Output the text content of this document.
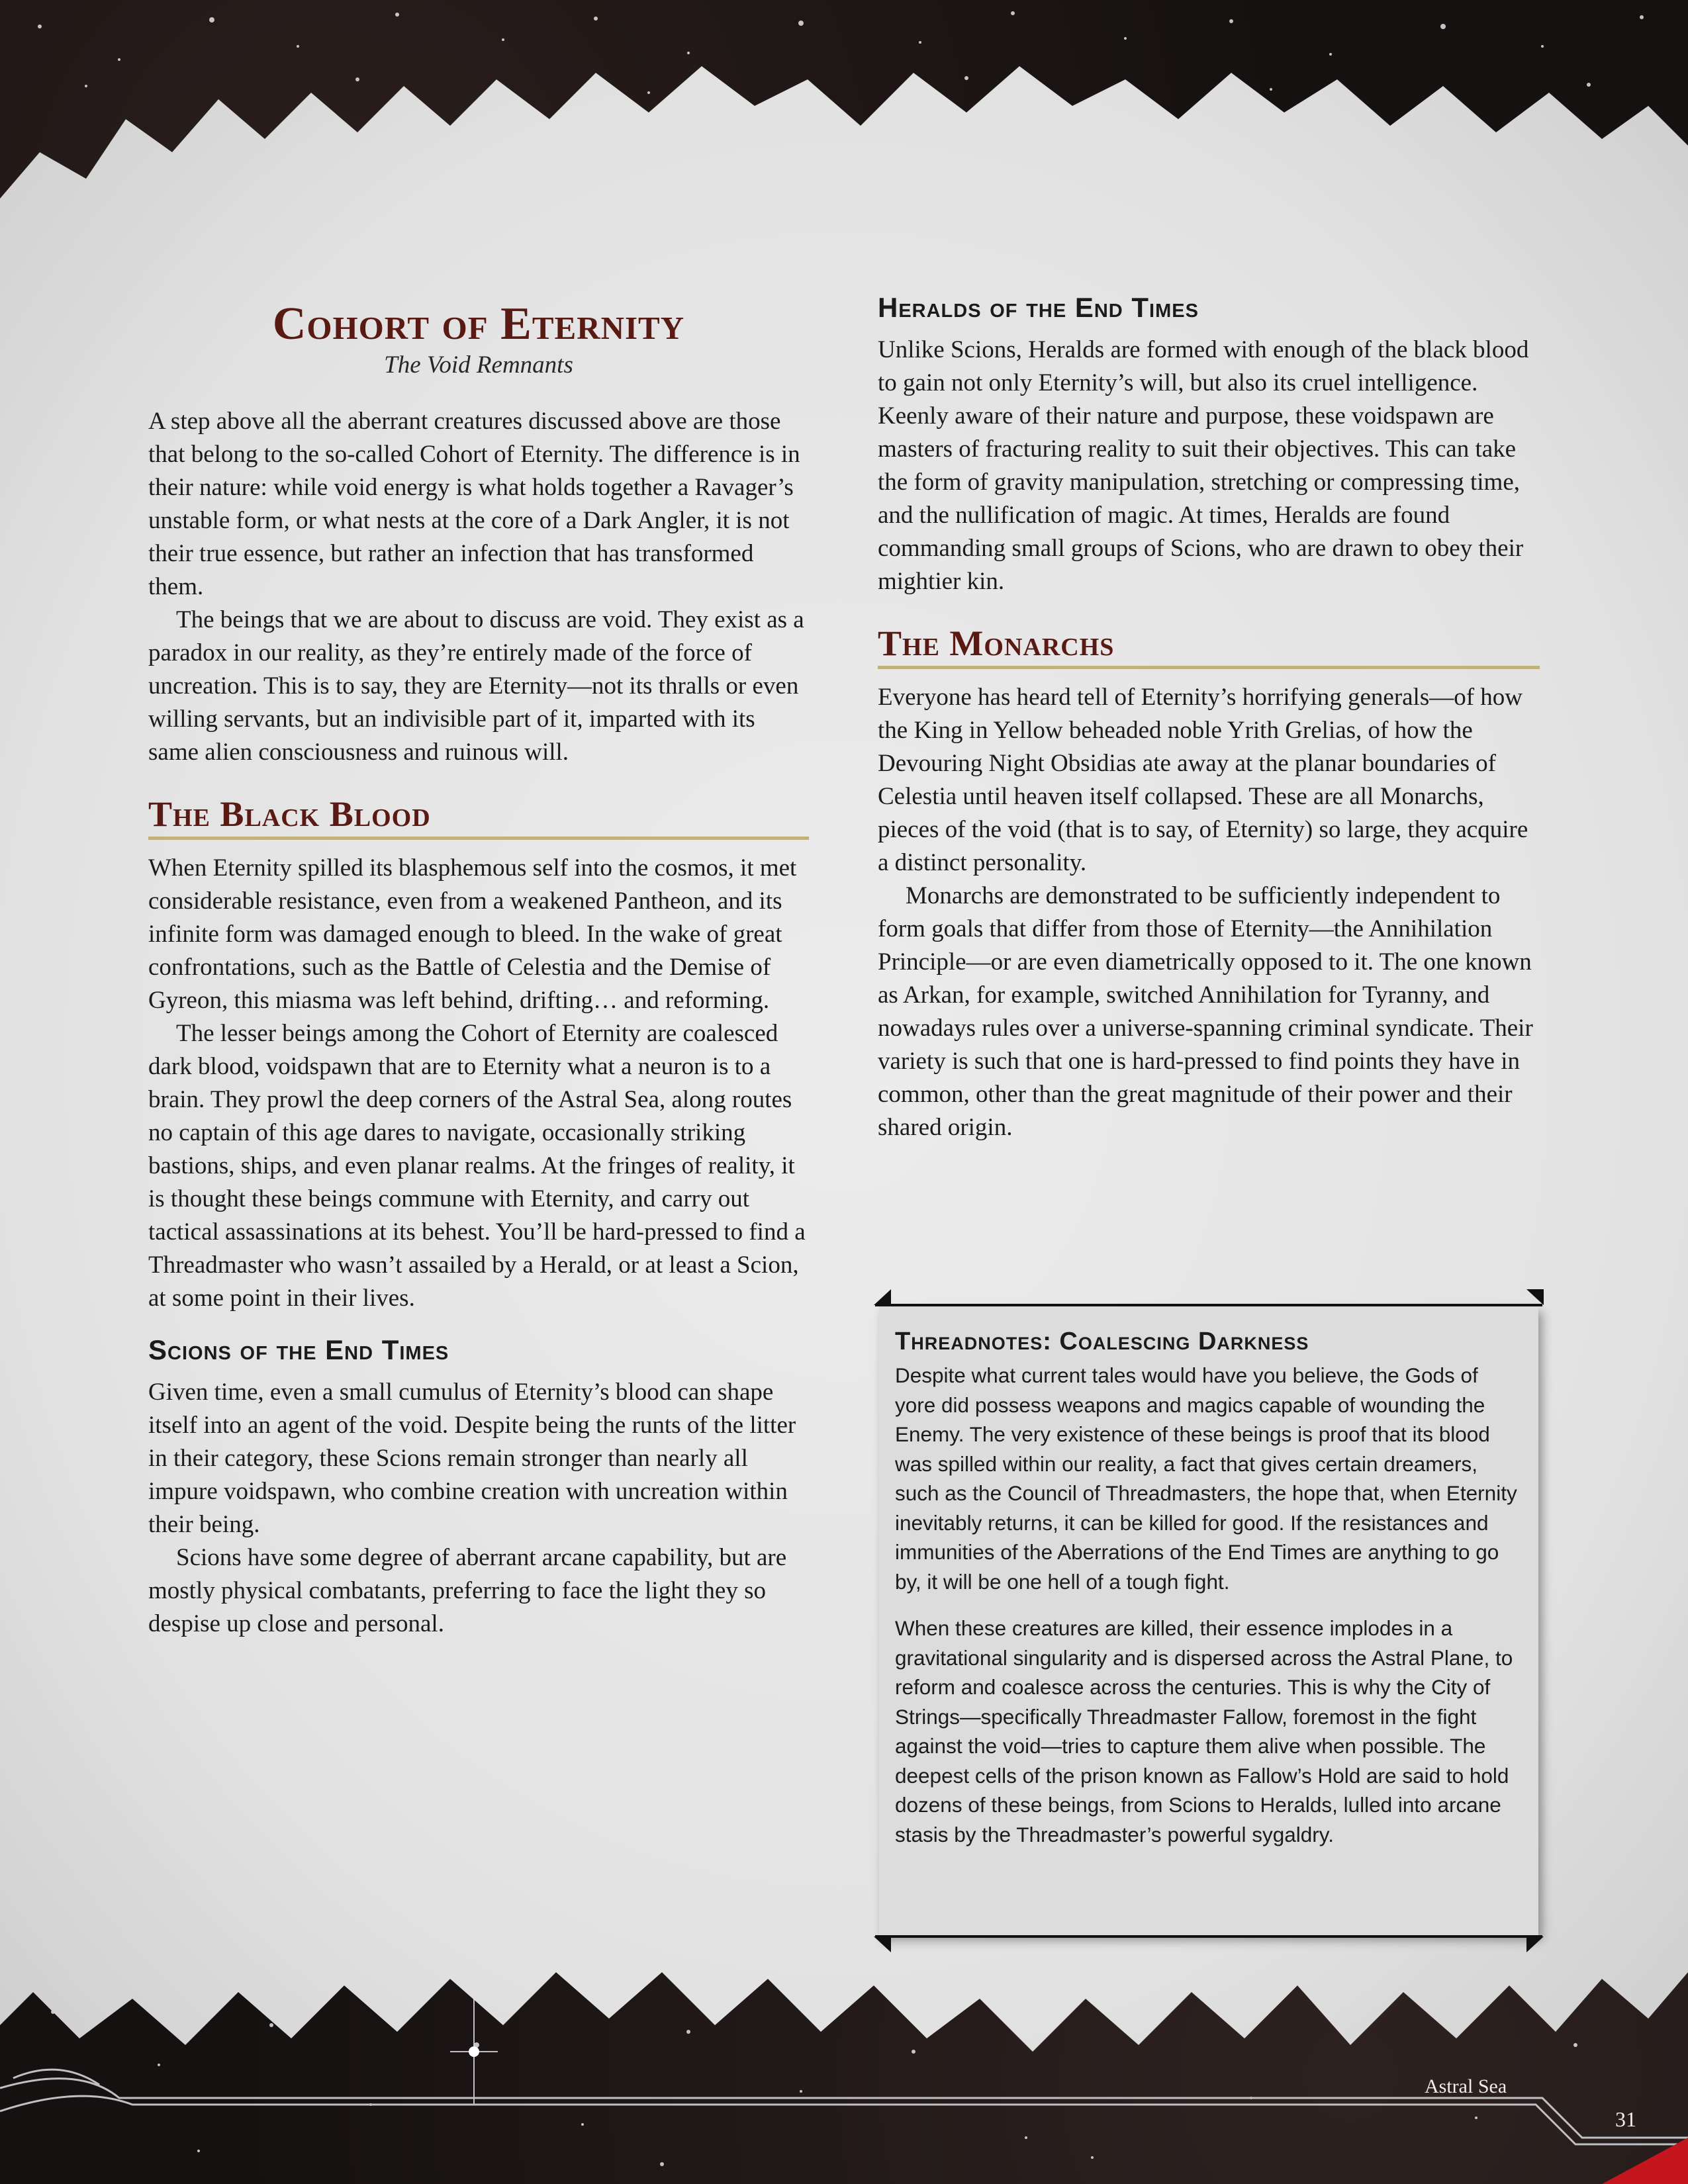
Cohort of Eternity
The Void Remnants

A step above all the aberrant creatures discussed above are those that belong to the so-called Cohort of Eternity. The difference is in their nature: while void energy is what holds together a Ravager’s unstable form, or what nests at the core of a Dark Angler, it is not their true essence, but rather an infection that has transformed them.

The beings that we are about to discuss are void. They exist as a paradox in our reality, as they’re entirely made of the force of uncreation. This is to say, they are Eternity—not its thralls or even willing servants, but an indivisible part of it, imparted with its same alien consciousness and ruinous will.

The Black Blood

When Eternity spilled its blasphemous self into the cosmos, it met considerable resistance, even from a weakened Pantheon, and its infinite form was damaged enough to bleed. In the wake of great confrontations, such as the Battle of Celestia and the Demise of Gyreon, this miasma was left behind, drifting… and reforming.

The lesser beings among the Cohort of Eternity are coalesced dark blood, voidspawn that are to Eternity what a neuron is to a brain. They prowl the deep corners of the Astral Sea, along routes no captain of this age dares to navigate, occasionally striking bastions, ships, and even planar realms. At the fringes of reality, it is thought these beings commune with Eternity, and carry out tactical assassinations at its behest. You’ll be hard-pressed to find a Threadmaster who wasn’t assailed by a Herald, or at least a Scion, at some point in their lives.

Scions of the End Times

Given time, even a small cumulus of Eternity’s blood can shape itself into an agent of the void. Despite being the runts of the litter in their category, these Scions remain stronger than nearly all impure voidspawn, who combine creation with uncreation within their being.

Scions have some degree of aberrant arcane capability, but are mostly physical combatants, preferring to face the light they so despise up close and personal.

Heralds of the End Times

Unlike Scions, Heralds are formed with enough of the black blood to gain not only Eternity’s will, but also its cruel intelligence. Keenly aware of their nature and purpose, these voidspawn are masters of fracturing reality to suit their objectives. This can take the form of gravity manipulation, stretching or compressing time, and the nullification of magic. At times, Heralds are found commanding small groups of Scions, who are drawn to obey their mightier kin.

The Monarchs

Everyone has heard tell of Eternity’s horrifying generals—of how the King in Yellow beheaded noble Yrith Grelias, of how the Devouring Night Obsidias ate away at the planar boundaries of Celestia until heaven itself collapsed. These are all Monarchs, pieces of the void (that is to say, of Eternity) so large, they acquire a distinct personality.

Monarchs are demonstrated to be sufficiently independent to form goals that differ from those of Eternity—the Annihilation Principle—or are even diametrically opposed to it. The one known as Arkan, for example, switched Annihilation for Tyranny, and nowadays rules over a universe-spanning criminal syndicate. Their variety is such that one is hard-pressed to find points they have in common, other than the great magnitude of their power and their shared origin.

Threadnotes: Coalescing Darkness

Despite what current tales would have you believe, the Gods of yore did possess weapons and magics capable of wounding the Enemy. The very existence of these beings is proof that its blood was spilled within our reality, a fact that gives certain dreamers, such as the Council of Threadmasters, the hope that, when Eternity inevitably returns, it can be killed for good. If the resistances and immunities of the Aberrations of the End Times are anything to go by, it will be one hell of a tough fight.

When these creatures are killed, their essence implodes in a gravitational singularity and is dispersed across the Astral Plane, to reform and coalesce across the centuries. This is why the City of Strings—specifically Threadmaster Fallow, foremost in the fight against the void—tries to capture them alive when possible. The deepest cells of the prison known as Fallow’s Hold are said to hold dozens of these beings, from Scions to Heralds, lulled into arcane stasis by the Threadmaster’s powerful sygaldry.

Astral Sea
31
